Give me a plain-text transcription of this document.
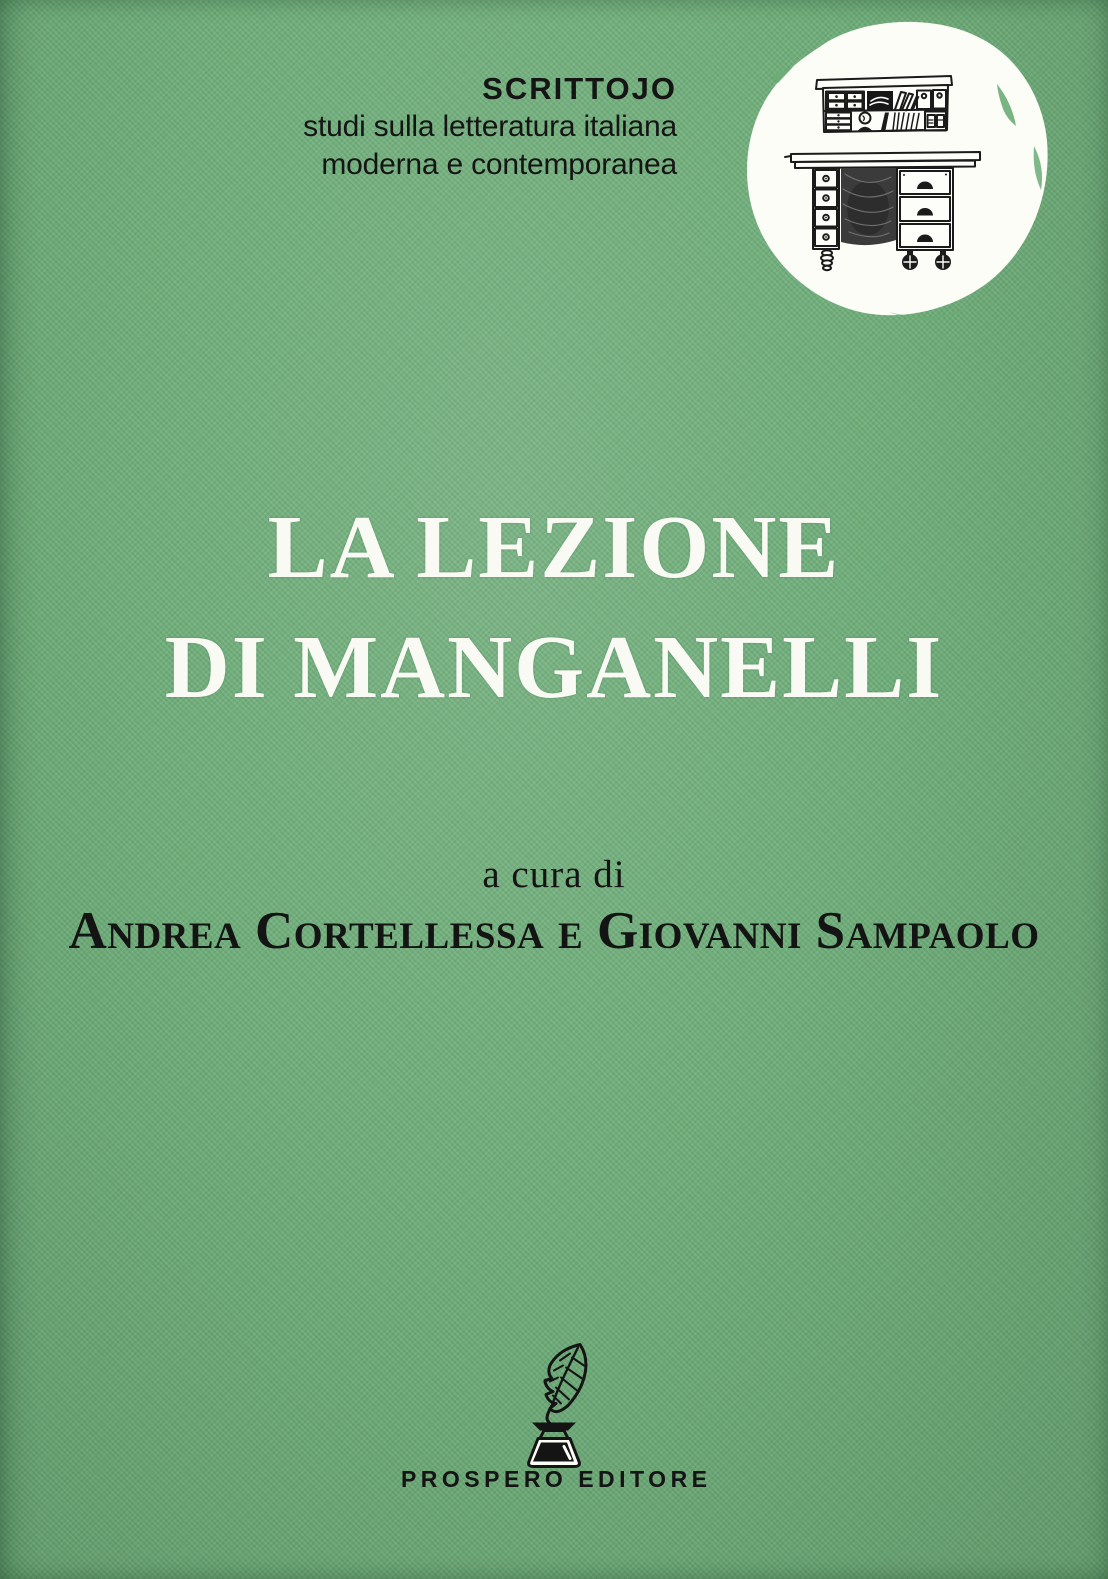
SCRITTOJO
studi sulla letteratura italiana
moderna e contemporanea
LA LEZIONE
DI MANGANELLI
a cura di
Andrea Cortellessa e Giovanni Sampaolo
PROSPERO EDITORE
